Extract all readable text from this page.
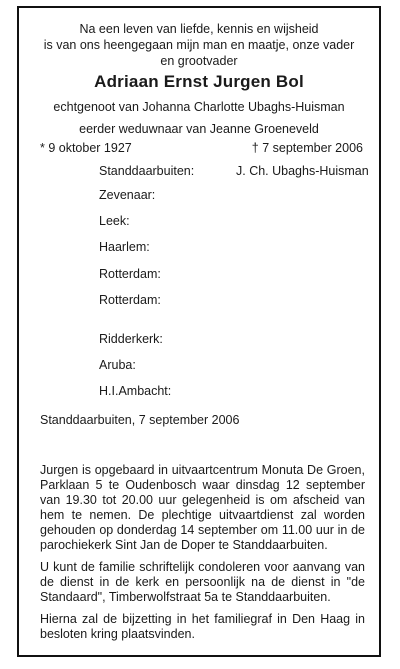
Na een leven van liefde, kennis en wijsheid
is van ons heengegaan mijn man en maatje, onze vader
en grootvader
Adriaan Ernst Jurgen Bol
echtgenoot van Johanna Charlotte Ubaghs-Huisman
eerder weduwnaar van Jeanne Groeneveld
* 9 oktober 1927	† 7 september 2006
Standdaarbuiten:	J. Ch. Ubaghs-Huisman
Zevenaar:
Leek:
Haarlem:
Rotterdam:
Rotterdam:
Ridderkerk:
Aruba:
H.I.Ambacht:
Standdaarbuiten, 7 september 2006
Jurgen is opgebaard in uitvaartcentrum Monuta De Groen, Parklaan 5 te Oudenbosch waar dinsdag 12 september van 19.30 tot 20.00 uur gelegenheid is om afscheid van hem te nemen. De plechtige uitvaartdienst zal worden gehouden op donderdag 14 september om 11.00 uur in de parochiekerk Sint Jan de Doper te Standdaarbuiten.
U kunt de familie schriftelijk condoleren voor aanvang van de dienst in de kerk en persoonlijk na de dienst in "de Standaard", Timberwolfstraat 5a te Standdaarbuiten.
Hierna zal de bijzetting in het familiegraf in Den Haag in besloten kring plaatsvinden.
